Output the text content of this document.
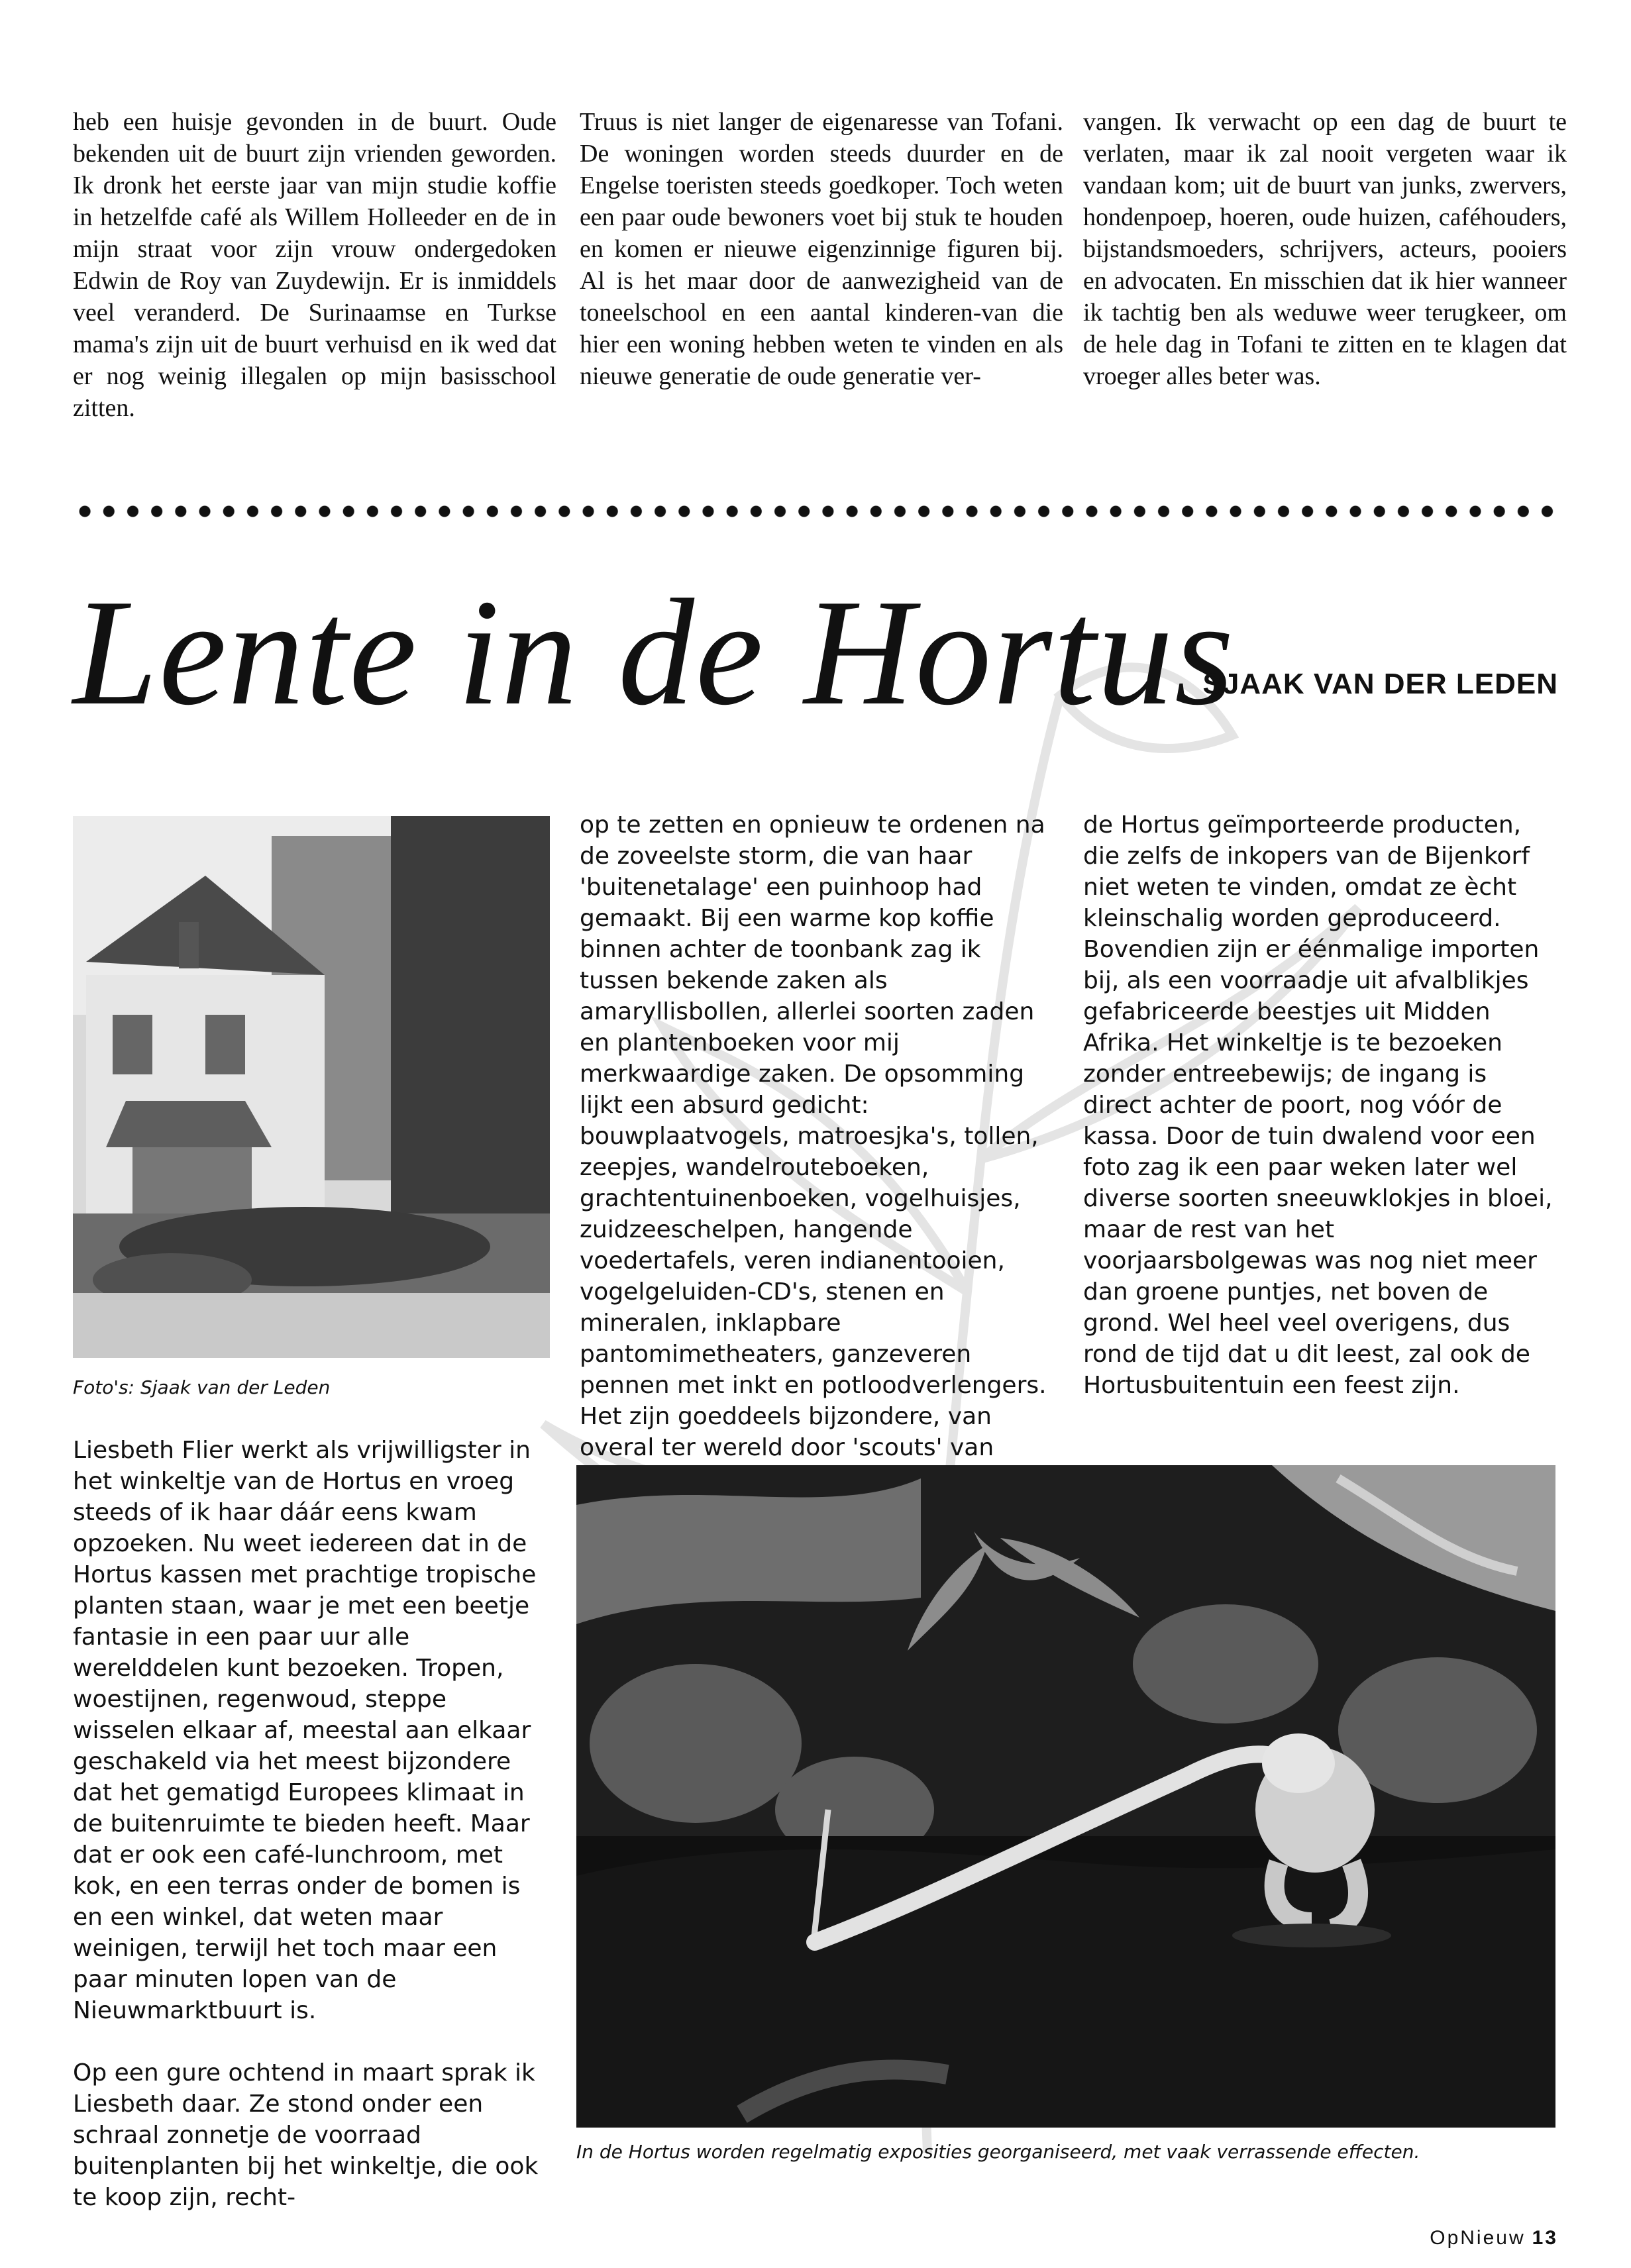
heb een huisje gevonden in de buurt. Oude bekenden uit de buurt zijn vrienden geworden. Ik dronk het eerste jaar van mijn studie koffie in hetzelfde café als Willem Holleeder en de in mijn straat voor zijn vrouw ondergedoken Edwin de Roy van Zuydewijn. Er is inmiddels veel veranderd. De Surinaamse en Turkse mama's zijn uit de buurt verhuisd en ik wed dat er nog weinig illegalen op mijn basisschool zitten.

Truus is niet langer de eigenaresse van Tofani. De woningen worden steeds duurder en de Engelse toeristen steeds goedkoper. Toch weten een paar oude bewoners voet bij stuk te houden en komen er nieuwe eigenzinnige figuren bij. Al is het maar door de aanwezigheid van de toneelschool en een aantal kinderen-van die hier een woning hebben weten te vinden en als nieuwe generatie de oude generatie ver-

vangen. Ik verwacht op een dag de buurt te verlaten, maar ik zal nooit vergeten waar ik vandaan kom; uit de buurt van junks, zwervers, hondenpoep, hoeren, oude huizen, caféhouders, bijstandsmoeders, schrijvers, acteurs, pooiers en advocaten. En misschien dat ik hier wanneer ik tachtig ben als weduwe weer terugkeer, om de hele dag in Tofani te zitten en te klagen dat vroeger alles beter was.

Lente in de Hortus

SJAAK VAN DER LEDEN

Foto's: Sjaak van der Leden

op te zetten en opnieuw te ordenen na de zoveelste storm, die van haar 'buitenetalage' een puinhoop had gemaakt. Bij een warme kop koffie binnen achter de toonbank zag ik tussen bekende zaken als amaryllisbollen, allerlei soorten zaden en plantenboeken voor mij merkwaardige zaken. De opsomming lijkt een absurd gedicht: bouwplaatvogels, matroesjka's, tollen, zeepjes, wandelrouteboeken, grachtentuinenboeken, vogelhuisjes, zuidzeeschelpen, hangende voedertafels, veren indianentooien, vogelgeluiden-CD's, stenen en mineralen, inklapbare pantomimetheaters, ganzeveren pennen met inkt en potloodverlengers. Het zijn goeddeels bijzondere, van overal ter wereld door 'scouts' van

de Hortus geïmporteerde producten, die zelfs de inkopers van de Bijenkorf niet weten te vinden, omdat ze ècht kleinschalig worden geproduceerd. Bovendien zijn er éénmalige importen bij, als een voorraadje uit afvalblikjes gefabriceerde beestjes uit Midden Afrika. Het winkeltje is te bezoeken zonder entreebewijs; de ingang is direct achter de poort, nog vóór de kassa. Door de tuin dwalend voor een foto zag ik een paar weken later wel diverse soorten sneeuwklokjes in bloei, maar de rest van het voorjaarsbolgewas was nog niet meer dan groene puntjes, net boven de grond. Wel heel veel overigens, dus rond de tijd dat u dit leest, zal ook de Hortusbuitentuin een feest zijn.

Liesbeth Flier werkt als vrijwilligster in het winkeltje van de Hortus en vroeg steeds of ik haar dáár eens kwam opzoeken. Nu weet iedereen dat in de Hortus kassen met prachtige tropische planten staan, waar je met een beetje fantasie in een paar uur alle werelddelen kunt bezoeken. Tropen, woestijnen, regenwoud, steppe wisselen elkaar af, meestal aan elkaar geschakeld via het meest bijzondere dat het gematigd Europees klimaat in de buitenruimte te bieden heeft. Maar dat er ook een café-lunchroom, met kok, en een terras onder de bomen is en een winkel, dat weten maar weinigen, terwijl het toch maar een paar minuten lopen van de Nieuwmarktbuurt is.

Op een gure ochtend in maart sprak ik Liesbeth daar. Ze stond onder een schraal zonnetje de voorraad buitenplanten bij het winkeltje, die ook te koop zijn, recht-

In de Hortus worden regelmatig exposities georganiseerd, met vaak verrassende effecten.

OpNieuw 13
